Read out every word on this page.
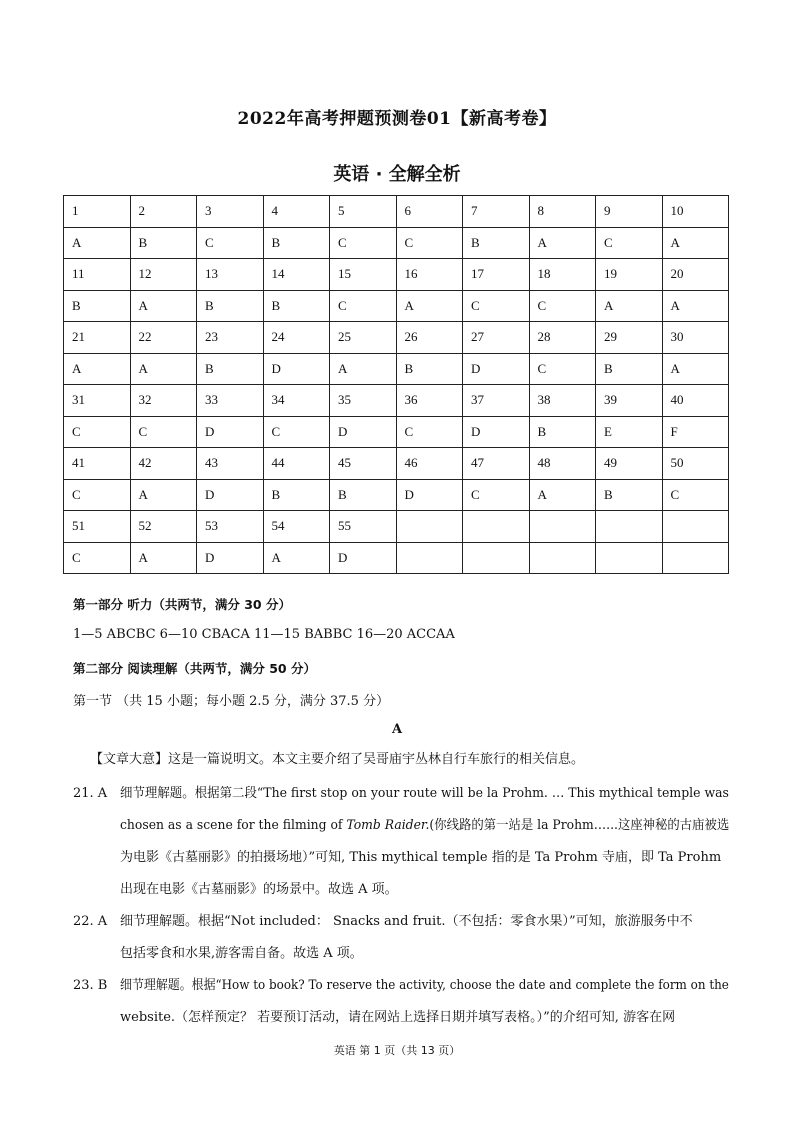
2022年高考押题预测卷01【新高考卷】
英语 · 全解全析
1	2	3	4	5	6	7	8	9	10
A	B	C	B	C	C	B	A	C	A
11	12	13	14	15	16	17	18	19	20
B	A	B	B	C	A	C	C	A	A
21	22	23	24	25	26	27	28	29	30
A	A	B	D	A	B	D	C	B	A
31	32	33	34	35	36	37	38	39	40
C	C	D	C	D	C	D	B	E	F
41	42	43	44	45	46	47	48	49	50
C	A	D	B	B	D	C	A	B	C
51	52	53	54	55					
C	A	D	A	D					
第一部分 听力（共两节，满分 30 分）
1—5 ABCBC 6—10 CBACA 11—15 BABBC 16—20 ACCAA
第二部分 阅读理解（共两节，满分 50 分）
第一节 （共 15 小题；每小题 2.5 分，满分 37.5 分）
A
【文章大意】这是一篇说明文。本文主要介绍了吴哥庙宇丛林自行车旅行的相关信息。
21. A 细节理解题。根据第二段“The first stop on your route will be la Prohm. … This mythical temple was
chosen as a scene for the filming of Tomb Raider.(你线路的第一站是 la Prohm…...这座神秘的古庙被选
为电影《古墓丽影》的拍摄场地）”可知, This mythical temple 指的是 Ta Prohm 寺庙，即 Ta Prohm
出现在电影《古墓丽影》的场景中。故选 A 项。
22. A 细节理解题。根据“Not included： Snacks and fruit.（不包括：零食水果）”可知，旅游服务中不
包括零食和水果,游客需自备。故选 A 项。
23. B 细节理解题。根据“How to book? To reserve the activity, choose the date and complete the form on the
website.（怎样预定？ 若要预订活动，请在网站上选择日期并填写表格。）”的介绍可知, 游客在网
英语 第 1 页（共 13 页）
